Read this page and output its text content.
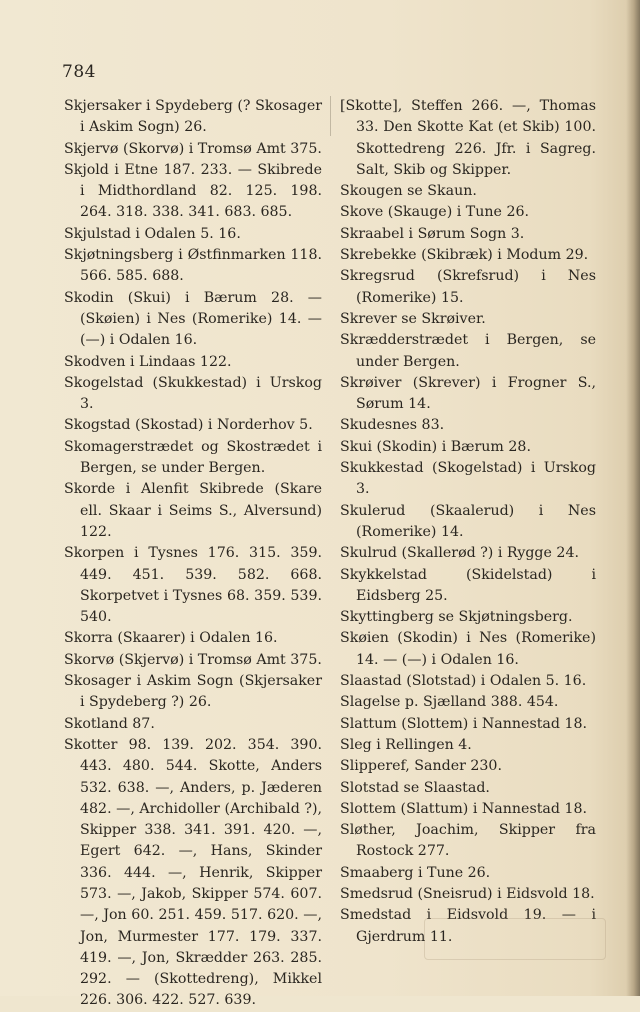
784
Skjersaker i Spydeberg (? Skosager i Askim Sogn) 26.
Skjervø (Skorvø) i Tromsø Amt 375.
Skjold i Etne 187. 233. — Skibrede i Midthordland 82. 125. 198. 264. 318. 338. 341. 683. 685.
Skjulstad i Odalen 5. 16.
Skjøtningsberg i Østfinmarken 118. 566. 585. 688.
Skodin (Skui) i Bærum 28. — (Skøien) i Nes (Romerike) 14. — (—) i Odalen 16.
Skodven i Lindaas 122.
Skogelstad (Skukkestad) i Urskog 3.
Skogstad (Skostad) i Norderhov 5.
Skomagerstrædet og Skostrædet i Bergen, se under Bergen.
Skorde i Alenfit Skibrede (Skare ell. Skaar i Seims S., Alversund) 122.
Skorpen i Tysnes 176. 315. 359. 449. 451. 539. 582. 668. Skorpetvet i Tysnes 68. 359. 539. 540.
Skorra (Skaarer) i Odalen 16.
Skorvø (Skjervø) i Tromsø Amt 375.
Skosager i Askim Sogn (Skjersaker i Spydeberg ?) 26.
Skotland 87.
Skotter 98. 139. 202. 354. 390. 443. 480. 544. Skotte, Anders 532. 638. —, Anders, p. Jæderen 482. —, Archidoller (Archibald ?), Skipper 338. 341. 391. 420. —, Egert 642. —, Hans, Skinder 336. 444. —, Henrik, Skipper 573. —, Jakob, Skipper 574. 607. —, Jon 60. 251. 459. 517. 620. —, Jon, Murmester 177. 179. 337. 419. —, Jon, Skrædder 263. 285. 292. — (Skottedreng), Mikkel 226. 306. 422. 527. 639.
[Skotte], Steffen 266. —, Thomas 33. Den Skotte Kat (et Skib) 100. Skottedreng 226. Jfr. i Sagreg. Salt, Skib og Skipper.
Skougen se Skaun.
Skove (Skauge) i Tune 26.
Skraabel i Sørum Sogn 3.
Skrebekke (Skibræk) i Modum 29.
Skregsrud (Skrefsrud) i Nes (Romerike) 15.
Skrever se Skrøiver.
Skrædderstrædet i Bergen, se under Bergen.
Skrøiver (Skrever) i Frogner S., Sørum 14.
Skudesnes 83.
Skui (Skodin) i Bærum 28.
Skukkestad (Skogelstad) i Urskog 3.
Skulerud (Skaalerud) i Nes (Romerike) 14.
Skulrud (Skallerød ?) i Rygge 24.
Skykkelstad (Skidelstad) i Eidsberg 25.
Skyttingberg se Skjøtningsberg.
Skøien (Skodin) i Nes (Romerike) 14. — (—) i Odalen 16.
Slaastad (Slotstad) i Odalen 5. 16.
Slagelse p. Sjælland 388. 454.
Slattum (Slottem) i Nannestad 18.
Sleg i Rellingen 4.
Slipperef, Sander 230.
Slotstad se Slaastad.
Slottem (Slattum) i Nannestad 18.
Sløther, Joachim, Skipper fra Rostock 277.
Smaaberg i Tune 26.
Smedsrud (Sneisrud) i Eidsvold 18.
Smedstad i Eidsvold 19. — i Gjerdrum 11.
